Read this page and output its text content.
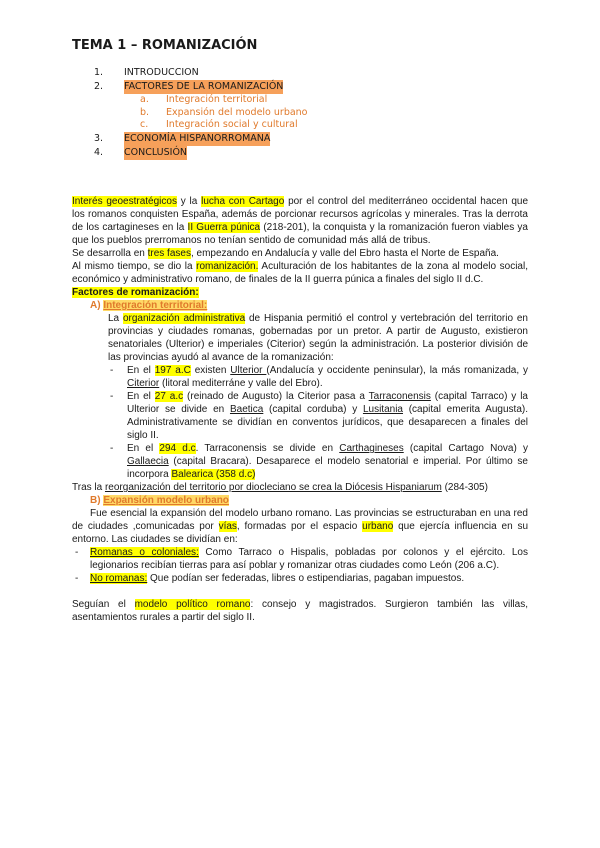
TEMA 1 – ROMANIZACIÓN
1.	INTRODUCCION
2.	FACTORES DE LA ROMANIZACIÓN
a.	Integración territorial
b.	Expansión del modelo urbano
c.	Integración social y cultural
3.	ECONOMÍA HISPANORROMANA
4.	CONCLUSIÓN

Interés geoestratégicos y la lucha con Cartago por el control del mediterráneo occidental hacen que los romanos conquisten España, además de porcionar recursos agrícolas y minerales. Tras la derrota de los cartagineses en la II Guerra púnica (218-201), la conquista y la romanización fueron viables ya que los pueblos prerromanos no tenían sentido de comunidad más allá de tribus.

Se desarrolla en tres fases, empezando en Andalucía y valle del Ebro hasta el Norte de España.

Al mismo tiempo, se dio la romanización. Aculturación de los habitantes de la zona al modelo social, económico y administrativo romano, de finales de la II guerra púnica a finales del siglo II d.C.

Factores de romanización:

A) Integración territorial:

La organización administrativa de Hispania permitió el control y vertebración del territorio en provincias y ciudades romanas, gobernadas por un pretor. A partir de Augusto, existieron senatoriales (Ulterior) e imperiales (Citerior) según la administración. La posterior división de las provincias ayudó al avance de la romanización:

- En el 197 a.C existen Ulterior (Andalucía y occidente peninsular), la más romanizada, y Citerior (litoral mediterráne y valle del Ebro).

- En el 27 a.c (reinado de Augusto) la Citerior pasa a Tarraconensis (capital Tarraco) y la Ulterior se divide en Baetica (capital corduba) y Lusitania (capital emerita Augusta). Administrativamente se dividían en conventos jurídicos, que desaparecen a finales del siglo II.

- En el 294 d.c. Tarraconensis se divide en Carthagineses (capital Cartago Nova) y Gallaecia (capital Bracara). Desaparece el modelo senatorial e imperial. Por último se incorpora Balearica (358 d.c)

Tras la reorganización del territorio por diocleciano se crea la Diócesis Hispaniarum (284-305)

B) Expansión modelo urbano

Fue esencial la expansión del modelo urbano romano. Las provincias se estructuraban en una red de ciudades ,comunicadas por vías, formadas por el espacio urbano que ejercía influencia en su entorno. Las ciudades se dividían en:

- Romanas o coloniales: Como Tarraco o Hispalis, pobladas por colonos y el ejército. Los legionarios recibían tierras para así poblar y romanizar otras ciudades como León (206 a.C).

- No romanas: Que podían ser federadas, libres o estipendiarias, pagaban impuestos.

Seguían el modelo político romano: consejo y magistrados. Surgieron también las villas, asentamientos rurales a partir del siglo II.
